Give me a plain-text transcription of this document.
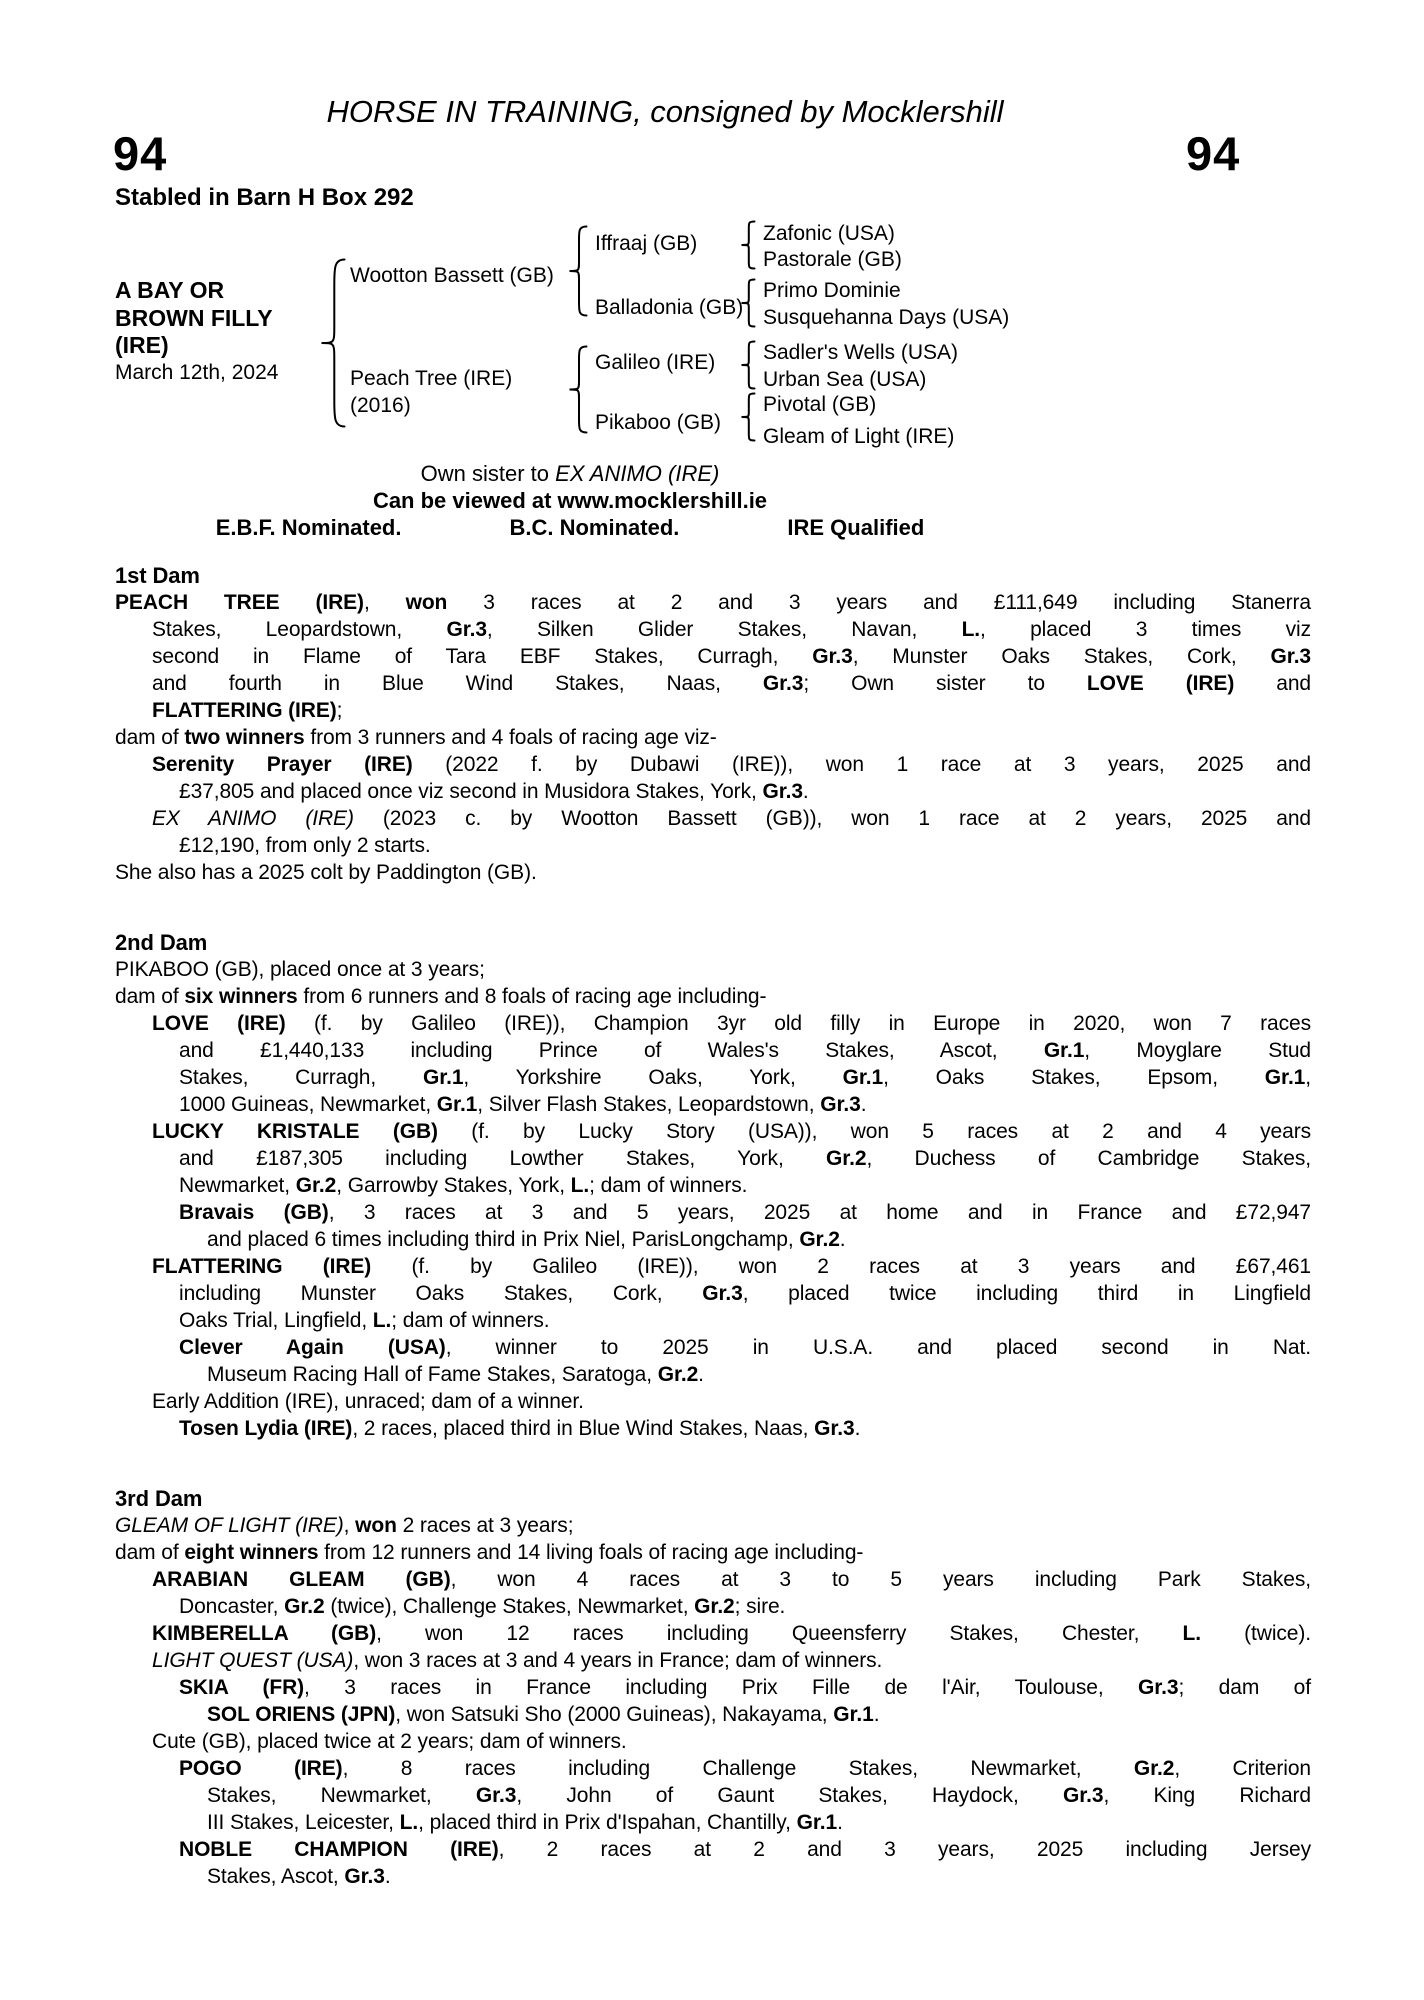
HORSE IN TRAINING, consigned by Mocklershill
94	94
Stabled in Barn H Box 292
A BAY OR
BROWN FILLY
(IRE)
March 12th, 2024
Wootton Bassett (GB)
Peach Tree (IRE)
(2016)
Iffraaj (GB)
Balladonia (GB)
Galileo (IRE)
Pikaboo (GB)
Zafonic (USA)
Pastorale (GB)
Primo Dominie
Susquehanna Days (USA)
Sadler's Wells (USA)
Urban Sea (USA)
Pivotal (GB)
Gleam of Light (IRE)
Own sister to EX ANIMO (IRE)
Can be viewed at www.mocklershill.ie
E.B.F. Nominated.	B.C. Nominated.	IRE Qualified
1st Dam
PEACH TREE (IRE), won 3 races at 2 and 3 years and £111,649 including Stanerra
Stakes, Leopardstown, Gr.3, Silken Glider Stakes, Navan, L., placed 3 times viz
second in Flame of Tara EBF Stakes, Curragh, Gr.3, Munster Oaks Stakes, Cork, Gr.3
and fourth in Blue Wind Stakes, Naas, Gr.3; Own sister to LOVE (IRE) and
FLATTERING (IRE);
dam of two winners from 3 runners and 4 foals of racing age viz-
Serenity Prayer (IRE) (2022 f. by Dubawi (IRE)), won 1 race at 3 years, 2025 and
£37,805 and placed once viz second in Musidora Stakes, York, Gr.3.
EX ANIMO (IRE) (2023 c. by Wootton Bassett (GB)), won 1 race at 2 years, 2025 and
£12,190, from only 2 starts.
She also has a 2025 colt by Paddington (GB).
2nd Dam
PIKABOO (GB), placed once at 3 years;
dam of six winners from 6 runners and 8 foals of racing age including-
LOVE (IRE) (f. by Galileo (IRE)), Champion 3yr old filly in Europe in 2020, won 7 races
and £1,440,133 including Prince of Wales's Stakes, Ascot, Gr.1, Moyglare Stud
Stakes, Curragh, Gr.1, Yorkshire Oaks, York, Gr.1, Oaks Stakes, Epsom, Gr.1,
1000 Guineas, Newmarket, Gr.1, Silver Flash Stakes, Leopardstown, Gr.3.
LUCKY KRISTALE (GB) (f. by Lucky Story (USA)), won 5 races at 2 and 4 years
and £187,305 including Lowther Stakes, York, Gr.2, Duchess of Cambridge Stakes,
Newmarket, Gr.2, Garrowby Stakes, York, L.; dam of winners.
Bravais (GB), 3 races at 3 and 5 years, 2025 at home and in France and £72,947
and placed 6 times including third in Prix Niel, ParisLongchamp, Gr.2.
FLATTERING (IRE) (f. by Galileo (IRE)), won 2 races at 3 years and £67,461
including Munster Oaks Stakes, Cork, Gr.3, placed twice including third in Lingfield
Oaks Trial, Lingfield, L.; dam of winners.
Clever Again (USA), winner to 2025 in U.S.A. and placed second in Nat.
Museum Racing Hall of Fame Stakes, Saratoga, Gr.2.
Early Addition (IRE), unraced; dam of a winner.
Tosen Lydia (IRE), 2 races, placed third in Blue Wind Stakes, Naas, Gr.3.
3rd Dam
GLEAM OF LIGHT (IRE), won 2 races at 3 years;
dam of eight winners from 12 runners and 14 living foals of racing age including-
ARABIAN GLEAM (GB), won 4 races at 3 to 5 years including Park Stakes,
Doncaster, Gr.2 (twice), Challenge Stakes, Newmarket, Gr.2; sire.
KIMBERELLA (GB), won 12 races including Queensferry Stakes, Chester, L. (twice).
LIGHT QUEST (USA), won 3 races at 3 and 4 years in France; dam of winners.
SKIA (FR), 3 races in France including Prix Fille de l'Air, Toulouse, Gr.3; dam of
SOL ORIENS (JPN), won Satsuki Sho (2000 Guineas), Nakayama, Gr.1.
Cute (GB), placed twice at 2 years; dam of winners.
POGO (IRE), 8 races including Challenge Stakes, Newmarket, Gr.2, Criterion
Stakes, Newmarket, Gr.3, John of Gaunt Stakes, Haydock, Gr.3, King Richard
III Stakes, Leicester, L., placed third in Prix d'Ispahan, Chantilly, Gr.1.
NOBLE CHAMPION (IRE), 2 races at 2 and 3 years, 2025 including Jersey
Stakes, Ascot, Gr.3.
